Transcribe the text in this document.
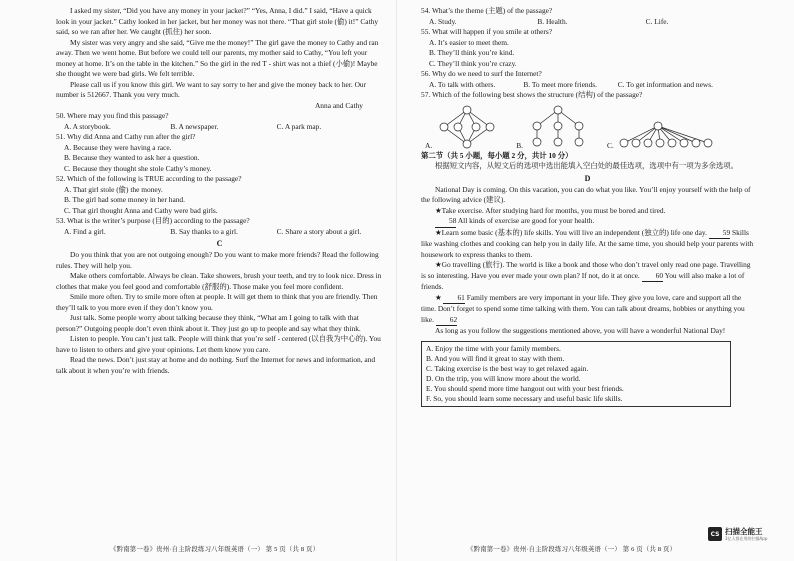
I asked my sister, “Did you have any money in your jacket?” “Yes, Anna, I did.” I said, “Have a quick look in your jacket.” Cathy looked in her jacket, but her money was not there. “That girl stole (偷) it!” Cathy said, so we ran after her. We caught (抓住) her soon.

My sister was very angry and she said, “Give me the money!” The girl gave the money to Cathy and ran away. Then we went home. But before we could tell our parents, my mother said to Cathy, “You left your money at home. It’s on the table in the kitchen.” So the girl in the red T - shirt was not a thief (小偷)! Maybe she thought we were bad girls. We felt terrible.

Please call us if you know this girl. We want to say sorry to her and give the money back to her. Our number is 512667. Thank you very much.

Anna and Cathy

50. Where may you find this passage?

A. A storybook.	B. A newspaper.	C. A park map.

51. Why did Anna and Cathy run after the girl?

A. Because they were having a race.

B. Because they wanted to ask her a question.

C. Because they thought she stole Cathy’s money.

52. Which of the following is TRUE according to the passage?

A. That girl stole (偷) the money.

B. The girl had some money in her hand.

C. That girl thought Anna and Cathy were bad girls.

53. What is the writer’s purpose (目的) according to the passage?

A. Find a girl.	B. Say thanks to a girl.	C. Share a story about a girl.
C

Do you think that you are not outgoing enough? Do you want to make more friends? Read the following rules. They will help you.

Make others comfortable. Always be clean. Take showers, brush your teeth, and try to look nice. Dress in clothes that make you feel good and comfortable (舒服的). Those make you feel more confident.

Smile more often. Try to smile more often at people. It will get them to think that you are friendly. Then they’ll talk to you more even if they don’t know you.

Just talk. Some people worry about talking because they think, “What am I going to talk with that person?” Outgoing people don’t even think about it. They just go up to people and say what they think.

Listen to people. You can’t just talk. People will think that you’re self - centered (以自我为中心的). You have to listen to others and give your opinions. Let them know you care.

Read the news. Don’t just stay at home and do nothing. Surf the Internet for news and information, and talk about it when you’re with friends.

《黔南第一卷》贵州·自主阶段练习八年级英语（一） 第 5 页（共 8 页）

54. What’s the theme (主题) of the passage?

A. Study.	B. Health.	C. Life.

55. What will happen if you smile at others?

A. It’s easier to meet them.

B. They’ll think you’re kind.

C. They’ll think you’re crazy.

56. Why do we need to surf the Internet?

A. To talk with others.	B. To meet more friends.	C. To get information and news.

57. Which of the following best shows the structure (结构) of the passage?

A.	B.	C.

第二节（共 5 小题，每小题 2 分，共计 10 分）

根据短文内容，从短文后的选项中选出能填入空白处的最佳选项，选项中有一项为多余选项。

D

National Day is coming. On this vacation, you can do what you like. You’ll enjoy yourself with the help of the following advice (建议).

★Take exercise. After studying hard for months, you must be bored and tired.

58 All kinds of exercise are good for your health.

★Learn some basic (基本的) life skills. You will live an independent (独立的) life one day. 59 Skills like washing clothes and cooking can help you in daily life. At the same time, you should help your parents with housework to express thanks to them.

★Go travelling (旅行). The world is like a book and those who don’t travel only read one page. Travelling is so interesting. Have you ever made your own plan? If not, do it at once. 60 You will also make a lot of friends.

★ 61 Family members are very important in your life. They give you love, care and support all the time. Don’t forget to spend some time talking with them. You can talk about dreams, hobbies or anything you like. 62

As long as you follow the suggestions mentioned above, you will have a wonderful National Day!

A. Enjoy the time with your family members.

B. And you will find it great to stay with them.

C. Taking exercise is the best way to get relaxed again.

D. On the trip, you will know more about the world.

E. You should spend more time hangout out with your best friends.

F. So, you should learn some necessary and useful basic life skills.

《黔南第一卷》贵州·自主阶段练习八年级英语（一） 第 6 页（共 8 页）
CS 扫描全能王
3亿人都在用的扫描App
